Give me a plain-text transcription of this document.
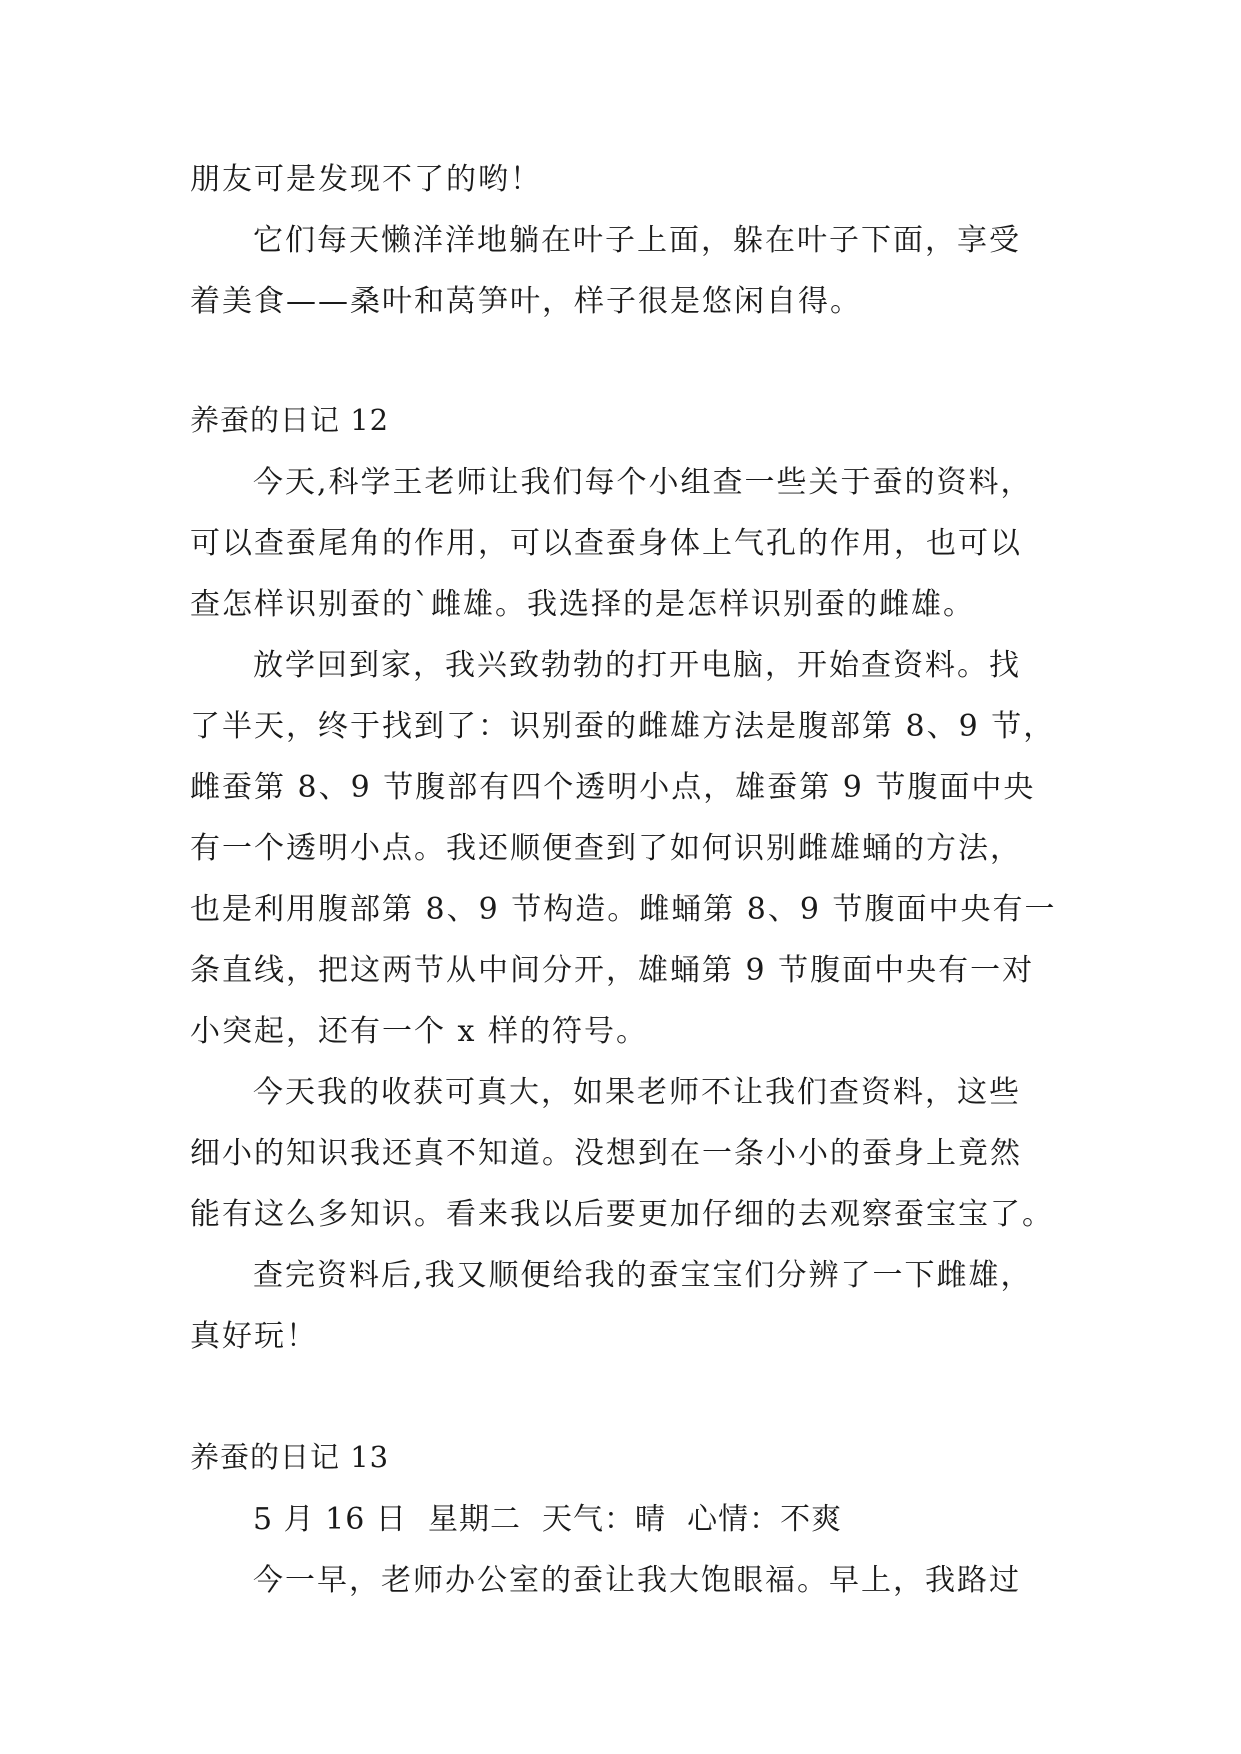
朋友可是发现不了的哟！
它们每天懒洋洋地躺在叶子上面，躲在叶子下面，享受
着美食——桑叶和莴笋叶，样子很是悠闲自得。
养蚕的日记 12
今天,科学王老师让我们每个小组查一些关于蚕的资料，
可以查蚕尾角的作用，可以查蚕身体上气孔的作用，也可以
查怎样识别蚕的`雌雄。我选择的是怎样识别蚕的雌雄。
放学回到家，我兴致勃勃的打开电脑，开始查资料。找
了半天，终于找到了：识别蚕的雌雄方法是腹部第 8、9 节，
雌蚕第 8、9 节腹部有四个透明小点，雄蚕第 9 节腹面中央
有一个透明小点。我还顺便查到了如何识别雌雄蛹的方法，
也是利用腹部第 8、9 节构造。雌蛹第 8、9 节腹面中央有一
条直线，把这两节从中间分开，雄蛹第 9 节腹面中央有一对
小突起，还有一个 x 样的符号。
今天我的收获可真大，如果老师不让我们查资料，这些
细小的知识我还真不知道。没想到在一条小小的蚕身上竟然
能有这么多知识。看来我以后要更加仔细的去观察蚕宝宝了。
查完资料后,我又顺便给我的蚕宝宝们分辨了一下雌雄，
真好玩！
养蚕的日记 13
5 月 16 日  星期二  天气：晴  心情：不爽
今一早，老师办公室的蚕让我大饱眼福。早上，我路过
